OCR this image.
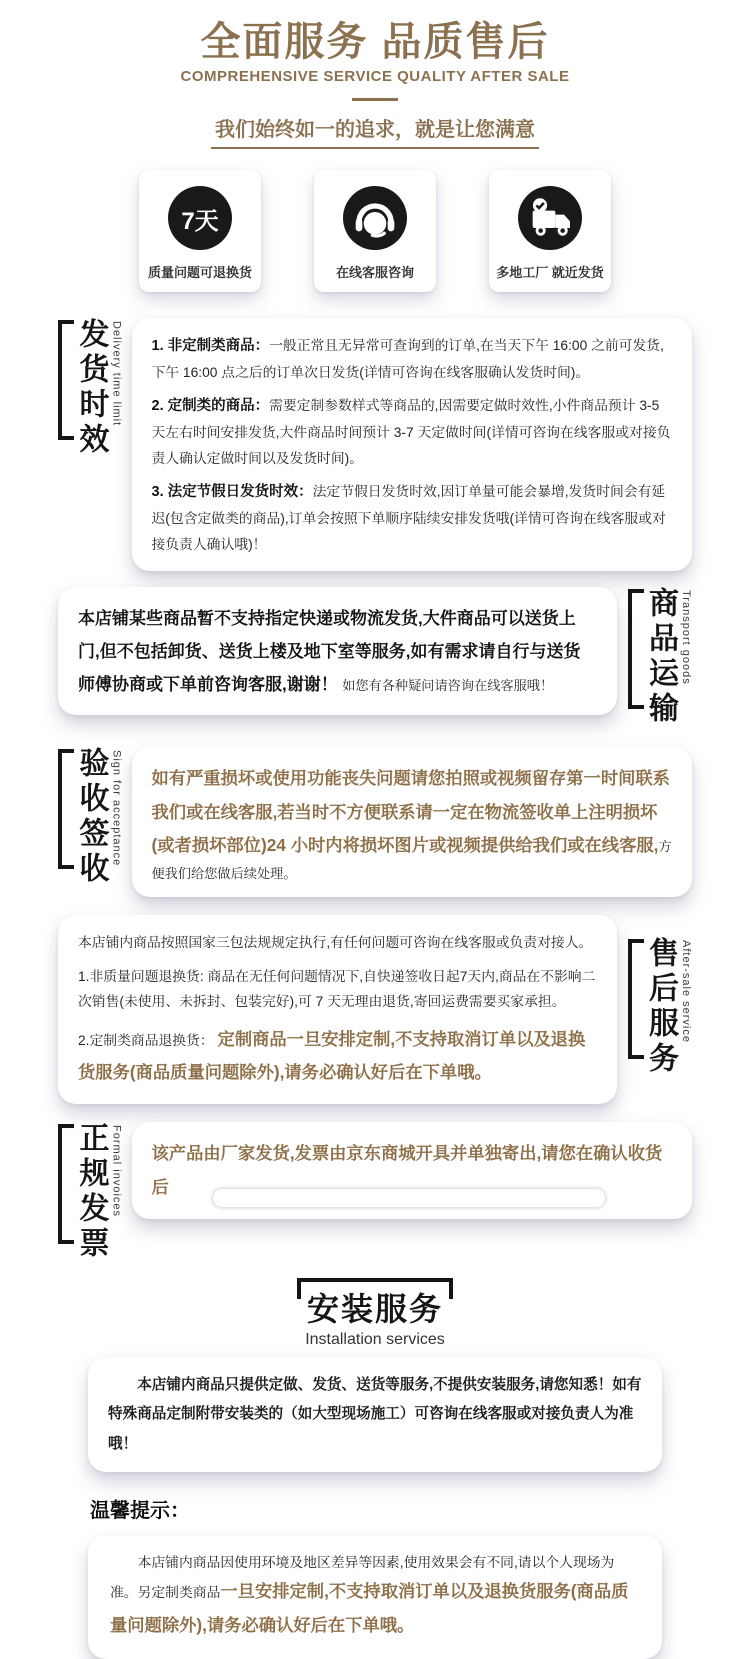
全面服务 品质售后
COMPREHENSIVE SERVICE QUALITY AFTER SALE
我们始终如一的追求，就是让您满意
7天
质量问题可退换货	在线客服咨询	多地工厂 就近发货
发货时效 Delivery time limit 1. 非定制类商品：一般正常且无异常可查询到的订单,在当天下午 16:00 之前可发货,下午 16:00 点之后的订单次日发货(详情可咨询在线客服确认发货时间)。

2. 定制类的商品：需要定制参数样式等商品的,因需要定做时效性,小件商品预计 3-5 天左右时间安排发货,大件商品时间预计 3-7 天定做时间(详情可咨询在线客服或对接负责人确认定做时间以及发货时间)。

3. 法定节假日发货时效：法定节假日发货时效,因订单量可能会暴增,发货时间会有延迟(包含定做类的商品),订单会按照下单顺序陆续安排发货哦(详情可咨询在线客服或对接负责人确认哦)！

本店铺某些商品暂不支持指定快递或物流发货,大件商品可以送货上门,但不包括卸货、送货上楼及地下室等服务,如有需求请自行与送货师傅协商或下单前咨询客服,谢谢！ 如您有各种疑问请咨询在线客服哦！	商品运输 Transport goods
验收签收 Sign for acceptance 如有严重损坏或使用功能丧失问题请您拍照或视频留存第一时间联系我们或在线客服,若当时不方便联系请一定在物流签收单上注明损坏(或者损坏部位)24 小时内将损坏图片或视频提供给我们或在线客服,方便我们给您做后续处理。

本店铺内商品按照国家三包法规规定执行,有任何问题可咨询在线客服或负责对接人。

1.非质量问题退换货: 商品在无任何问题情况下,自快递签收日起7天内,商品在不影响二次销售(未使用、未拆封、包装完好),可 7 天无理由退货,寄回运费需要买家承担。

2.定制类商品退换货： 定制商品一旦安排定制,不支持取消订单以及退换货服务(商品质量问题除外),请务必确认好后在下单哦。	售后服务 After-sale service
正规发票 Formal invoices 该产品由厂家发货,发票由京东商城开具并单独寄出,请您在确认收货后

安装服务
Installation services

本店铺内商品只提供定做、发货、送货等服务,不提供安装服务,请您知悉！如有特殊商品定制附带安装类的（如大型现场施工）可咨询在线客服或对接负责人为准哦！

温馨提示：

本店铺内商品因使用环境及地区差异等因素,使用效果会有不同,请以个人现场为准。另定制类商品一旦安排定制,不支持取消订单以及退换货服务(商品质量问题除外),请务必确认好后在下单哦。
